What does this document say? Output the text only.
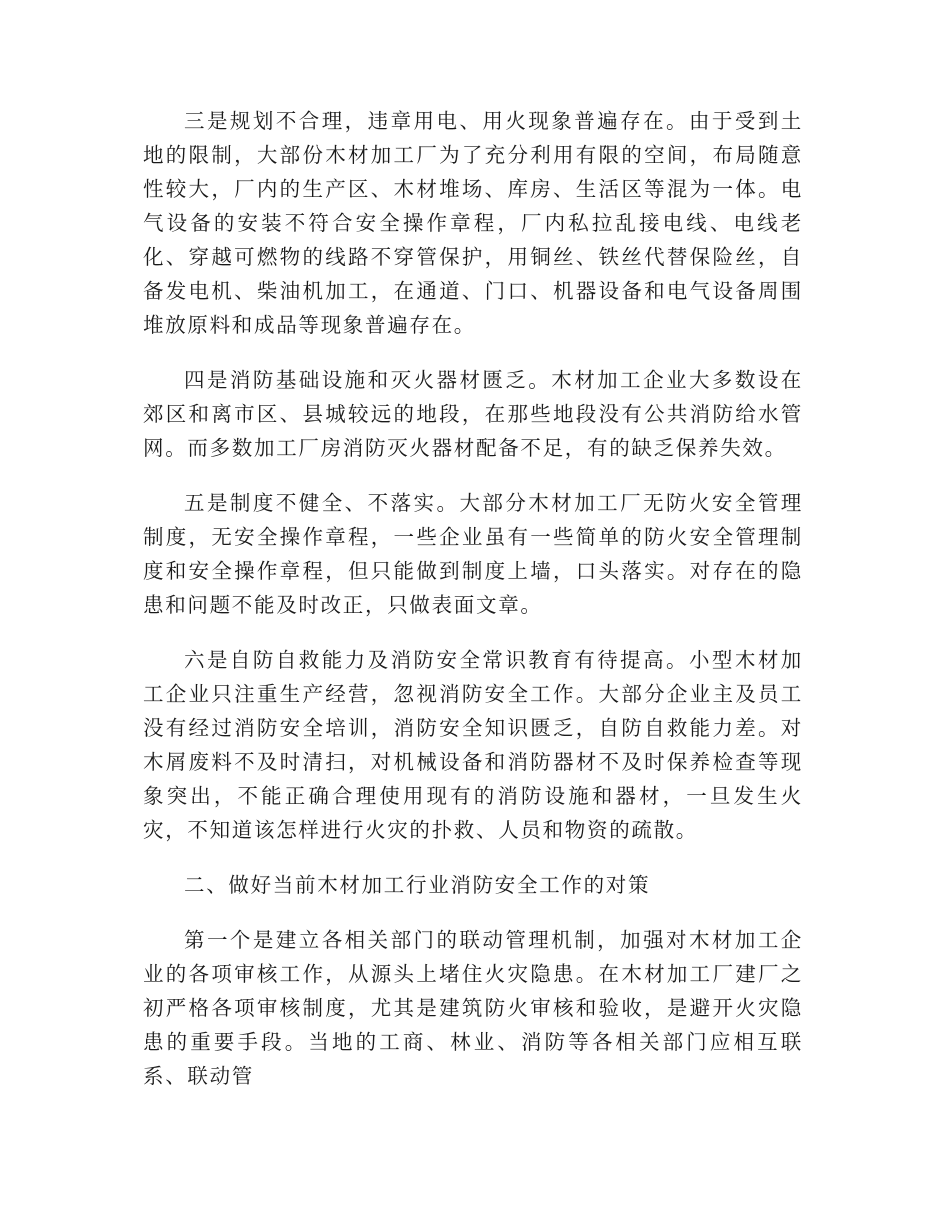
三是规划不合理，违章用电、用火现象普遍存在。由于受到土地的限制，大部份木材加工厂为了充分利用有限的空间，布局随意性较大，厂内的生产区、木材堆场、库房、生活区等混为一体。电气设备的安装不符合安全操作章程，厂内私拉乱接电线、电线老化、穿越可燃物的线路不穿管保护，用铜丝、铁丝代替保险丝，自备发电机、柴油机加工，在通道、门口、机器设备和电气设备周围堆放原料和成品等现象普遍存在。

四是消防基础设施和灭火器材匮乏。木材加工企业大多数设在郊区和离市区、县城较远的地段，在那些地段没有公共消防给水管网。而多数加工厂房消防灭火器材配备不足，有的缺乏保养失效。

五是制度不健全、不落实。大部分木材加工厂无防火安全管理制度，无安全操作章程，一些企业虽有一些简单的防火安全管理制度和安全操作章程，但只能做到制度上墙，口头落实。对存在的隐患和问题不能及时改正，只做表面文章。

六是自防自救能力及消防安全常识教育有待提高。小型木材加工企业只注重生产经营，忽视消防安全工作。大部分企业主及员工没有经过消防安全培训，消防安全知识匮乏，自防自救能力差。对木屑废料不及时清扫，对机械设备和消防器材不及时保养检查等现象突出，不能正确合理使用现有的消防设施和器材，一旦发生火灾，不知道该怎样进行火灾的扑救、人员和物资的疏散。

二、做好当前木材加工行业消防安全工作的对策

第一个是建立各相关部门的联动管理机制，加强对木材加工企业的各项审核工作，从源头上堵住火灾隐患。在木材加工厂建厂之初严格各项审核制度，尤其是建筑防火审核和验收，是避开火灾隐患的重要手段。当地的工商、林业、消防等各相关部门应相互联系、联动管
